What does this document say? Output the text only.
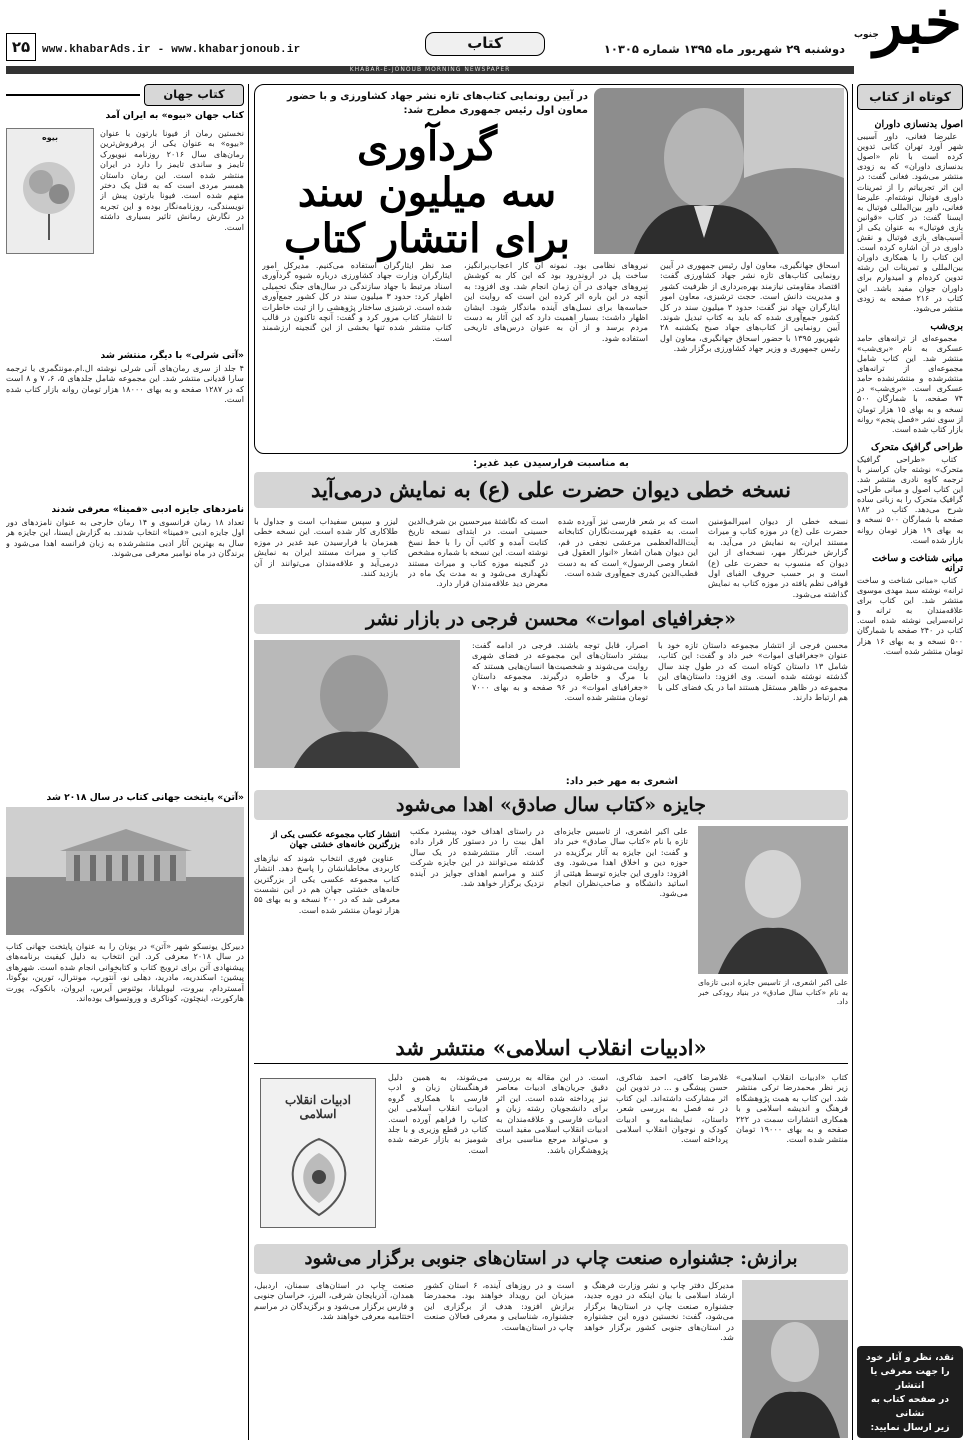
خبر
جنوب
دوشنبه ۲۹ شهریور ماه ۱۳۹۵ شماره ۱۰۳۰۵
کتاب
www.khabarAds.ir - www.khabarjonoub.ir
۲۵
KHABAR-E-JONOUB MORNING NEWSPAPER
کوتاه از کتاب
اصول بدنسازی داوران

علیرضا فغانی، داور آسیبی شهر آورد تهران کتابی تدوین کرده است با نام «اصول بدنسازی داوران» که به زودی منتشر می‌شود. فغانی گفت: در این اثر تجربیاتم را از تمرینات داوری فوتبال نوشته‌ام. علیرضا فغانی، داور بین‌المللی فوتبال به ایسنا گفت: در کتاب «قوانین بازی فوتبال» به عنوان یکی از آسیب‌های بازی فوتبال و نقش داوری در آن اشاره کرده است. این کتاب را با همکاری داوران بین‌المللی و تمرینات این رشته تدوین کرده‌ام و امیدوارم برای داوران جوان مفید باشد. این کتاب در ۲۱۶ صفحه به زودی منتشر می‌شود.

بری‌شب

مجموعه‌ای از ترانه‌های حامد عسکری به نام «بری‌شب» منتشر شد. این کتاب شامل مجموعه‌ای از ترانه‌های منتشرشده و منتشرنشده حامد عسکری است. «بری‌شب» در ۷۴ صفحه، با شمارگان ۵۰۰ نسخه و به بهای ۱۵ هزار تومان از سوی نشر «فصل پنجم» روانه بازار کتاب شده است.

طراحی گرافیک متحرک

کتاب «طراحی گرافیک متحرک» نوشته جان کراسنر با ترجمه کاوه نادری منتشر شد. این کتاب اصول و مبانی طراحی گرافیک متحرک را به زبانی ساده شرح می‌دهد. کتاب در ۱۸۲ صفحه با شمارگان ۵۰۰ نسخه و به بهای ۱۹ هزار تومان روانه بازار شده است.

مبانی شناخت و ساخت ترانه

کتاب «مبانی شناخت و ساخت ترانه» نوشته سید مهدی موسوی منتشر شد. این کتاب برای علاقه‌مندان به ترانه و ترانه‌سرایی نوشته شده است. کتاب در ۲۴۰ صفحه با شمارگان ۵۰۰ نسخه و به بهای ۱۶ هزار تومان منتشر شده است.

نقد، نظر و آثار خود
را جهت معرفی یا انتشار
در صفحه کتاب به نشانی
زیر ارسال نمایید:
ketab@khabarads.com
در آیین رونمایی کتاب‌های تازه نشر جهاد کشاورزی و با حضور معاون اول رئیس جمهوری مطرح شد:
گردآوری
سه میلیون سند
برای انتشار کتاب
اسحاق جهانگیری، معاون اول رئیس جمهوری در آیین رونمایی کتاب‌های تازه نشر جهاد کشاورزی گفت: اقتصاد مقاومتی نیازمند بهره‌برداری از ظرفیت کشور و مدیریت دانش است. حجت ترشیزی، معاون امور ایثارگران جهاد نیز گفت: حدود ۳ میلیون سند در کل کشور جمع‌آوری شده که باید به کتاب تبدیل شوند. آیین رونمایی از کتاب‌های جهاد صبح یکشنبه ۲۸ شهریور ۱۳۹۵ با حضور اسحاق جهانگیری، معاون اول رئیس جمهوری و وزیر جهاد کشاورزی برگزار شد.
نیروهای نظامی بود. نمونه آن کار اعجاب‌برانگیز، ساخت پل در اروندرود بود که این کار به کوشش نیروهای جهادی در آن زمان انجام شد. وی افزود: به آنچه در این باره اثر کرده این است که روایت این حماسه‌ها برای نسل‌های آینده ماندگار شود. ایشان اظهار داشت: بسیار اهمیت دارد که این آثار به دست مردم برسد و از آن به عنوان درس‌های تاریخی استفاده شود.
صد نظر ایثارگران استفاده می‌کنیم. مدیرکل امور ایثارگران وزارت جهاد کشاورزی درباره شیوه گردآوری اسناد مرتبط با جهاد سازندگی در سال‌های جنگ تحمیلی اظهار کرد: حدود ۳ میلیون سند در کل کشور جمع‌آوری شده است. ترشیزی ساختار پژوهشی را از ثبت خاطرات تا انتشار کتاب مرور کرد و گفت: آنچه تاکنون در قالب کتاب منتشر شده تنها بخشی از این گنجینه ارزشمند است.
به مناسبت فرارسیدن عید غدیر:
نسخه خطی دیوان حضرت علی (ع) به نمایش درمی‌آید
نسخه خطی از دیوان امیرالمؤمنین حضرت علی (ع) در موزه کتاب و میراث مستند ایران، به نمایش در می‌آید. به گزارش خبرنگار مهر، نسخه‌ای از این دیوان که منسوب به حضرت علی (ع) است و بر حسب حروف الفبای اول قوافی نظم یافته در موزه کتاب به نمایش گذاشته می‌شود.
است که بر شعر فارسی نیز آورده شده است. به عقیده فهرست‌نگاران کتابخانه آیت‌الله‌العظمی مرعشی نجفی در قم، این دیوان همان اشعار «انوار العقول فی اشعار وصی الرسول» است که به دست قطب‌الدین کیدری جمع‌آوری شده است.
است که نگاشتهٔ میرحسین بن شرف‌الدین حسینی است. در ابتدای نسخه تاریخ کتابت آمده و کاتب آن را با خط نسخ نوشته است. این نسخه با شماره مشخص در گنجینه موزه کتاب و میراث مستند نگهداری می‌شود و به مدت یک ماه در معرض دید علاقه‌مندان قرار دارد.
لیزر و سپس سفیداب است و جداول با طلاکاری کار شده است. این نسخه خطی همزمان با فرارسیدن عید غدیر در موزه کتاب و میراث مستند ایران به نمایش درمی‌آید و علاقه‌مندان می‌توانند از آن بازدید کنند.
«جغرافیای اموات» محسن فرجی در بازار نشر
محسن فرجی از انتشار مجموعه داستان تازه خود با عنوان «جغرافیای اموات» خبر داد و گفت: این کتاب، شامل ۱۳ داستان کوتاه است که در طول چند سال گذشته نوشته شده است. وی افزود: داستان‌های این مجموعه در ظاهر مستقل هستند اما در یک فضای کلی با هم ارتباط دارند.
اصرار، قابل توجه باشند. فرجی در ادامه گفت: بیشتر داستان‌های این مجموعه در فضای شهری روایت می‌شوند و شخصیت‌ها انسان‌هایی هستند که با مرگ و خاطره درگیرند. مجموعه داستان «جغرافیای اموات» در ۹۶ صفحه و به بهای ۷۰۰۰ تومان منتشر شده است.
اشعری به مهر خبر داد:
جایزه «کتاب سال صادق» اهدا می‌شود
علی اکبر اشعری، از تاسیس جایزه ادبی تازه‌ای به نام «کتاب سال صادق» در بنیاد رودکی خبر داد.
علی اکبر اشعری، از تاسیس جایزه‌ای تازه با نام «کتاب سال صادق» خبر داد و گفت: این جایزه به آثار برگزیده در حوزه دین و اخلاق اهدا می‌شود. وی افزود: داوری این جایزه توسط هیئتی از اساتید دانشگاه و صاحب‌نظران انجام می‌شود.
در راستای اهداف خود، پیشبرد مکتب اهل بیت را در دستور کار قرار داده است. آثار منتشرشده در یک سال گذشته می‌توانند در این جایزه شرکت کنند و مراسم اهدای جوایز در آینده نزدیک برگزار خواهد شد.
انتشار کتاب مجموعه عکسی یکی از بزرگترین خانه‌های خشتی جهان

عناوین فوری انتخاب شوند که نیازهای کاربردی مخاطبانشان را پاسخ دهد. انتشار کتاب مجموعه عکسی یکی از بزرگترین خانه‌های خشتی جهان هم در این نشست معرفی شد که در ۲۰۰ نسخه و به بهای ۵۵ هزار تومان منتشر شده است.

«ادبیات انقلاب اسلامی» منتشر شد
کتاب «ادبیات انقلاب اسلامی» زیر نظر محمدرضا ترکی منتشر شد. این کتاب به همت پژوهشگاه فرهنگ و اندیشه اسلامی و با همکاری انتشارات سمت در ۲۲۲ صفحه و به بهای ۱۹۰۰۰ تومان منتشر شده است.
غلامرضا کافی، احمد شاکری، حسن پیشگی و ... در تدوین این اثر مشارکت داشته‌اند. این کتاب در نه فصل به بررسی شعر، داستان، نمایشنامه و ادبیات کودک و نوجوان انقلاب اسلامی پرداخته است.
است. در این مقاله به بررسی دقیق جریان‌های ادبیات معاصر نیز پرداخته شده است. این اثر برای دانشجویان رشته زبان و ادبیات فارسی و علاقه‌مندان به ادبیات انقلاب اسلامی مفید است و می‌تواند مرجع مناسبی برای پژوهشگران باشد.
می‌شوند، به همین دلیل فرهنگستان زبان و ادب فارسی با همکاری گروه ادبیات انقلاب اسلامی این کتاب را فراهم آورده است. کتاب در قطع وزیری و با جلد شومیز به بازار عرضه شده است.
ادبیات انقلاب اسلامی
برازش: جشنواره صنعت چاپ در استان‌های جنوبی برگزار می‌شود
مدیرکل دفتر چاپ و نشر وزارت فرهنگ و ارشاد اسلامی با بیان اینکه در دوره جدید، جشنواره صنعت چاپ در استان‌ها برگزار می‌شود، گفت: نخستین دوره این جشنواره در استان‌های جنوبی کشور برگزار خواهد شد.
است و در روزهای آینده، ۶ استان کشور میزبان این رویداد خواهند بود. محمدرضا برازش افزود: هدف از برگزاری این جشنواره، شناسایی و معرفی فعالان صنعت چاپ در استان‌هاست.
صنعت چاپ در استان‌های سمنان، اردبیل، همدان، آذربایجان شرقی، البرز، خراسان جنوبی و فارس برگزار می‌شود و برگزیدگان در مراسم اختتامیه معرفی خواهند شد.
کتاب جهان
کتاب جهان «بیوه» به ایران آمد
بیوه	نخستین رمان از فیونا بارتون با عنوان «بیوه» به عنوان یکی از پرفروش‌ترین رمان‌های سال ۲۰۱۶ روزنامه نیویورک تایمز و ساندی تایمز را دارد در ایران منتشر شده است. این رمان داستان همسر مردی است که به قتل یک دختر متهم شده است. فیونا بارتون پیش از نویسندگی، روزنامه‌نگار بوده و این تجربه در نگارش رمانش تاثیر بسیاری داشته است.
«آتی شرلی» با دیگر، منتشر شد
۴ جلد از سری رمان‌های آنی شرلی نوشته ال.ام.مونتگمری با ترجمه سارا قدیانی منتشر شد. این مجموعه شامل جلدهای ۵، ۶، ۷ و ۸ است که در ۱۲۸۷ صفحه و به بهای ۱۸۰۰۰ هزار تومان روانه بازار کتاب شده است.
نامزدهای جایزه ادبی «فمینا» معرفی شدند
تعداد ۱۸ رمان فرانسوی و ۱۴ رمان خارجی به عنوان نامزدهای دور اول جایزه ادبی «فمینا» انتخاب شدند. به گزارش ایسنا، این جایزه هر سال به بهترین آثار ادبی منتشرشده به زبان فرانسه اهدا می‌شود و برندگان در ماه نوامبر معرفی می‌شوند.
«آتن» پایتخت جهانی کتاب در سال ۲۰۱۸ شد
دبیرکل یونسکو شهر «آتن» در یونان را به عنوان پایتخت جهانی کتاب در سال ۲۰۱۸ معرفی کرد. این انتخاب به دلیل کیفیت برنامه‌های پیشنهادی آتن برای ترویج کتاب و کتابخوانی انجام شده است. شهرهای پیشین: اسکندریه، مادرید، دهلی نو، آنتورپ، مونترال، تورین، بوگوتا، آمستردام، بیروت، لیوبلیانا، بوئنوس آیرس، ایروان، بانکوک، پورت هارکورت، اینچئون، کوناکری و وروتسواف بوده‌اند.
